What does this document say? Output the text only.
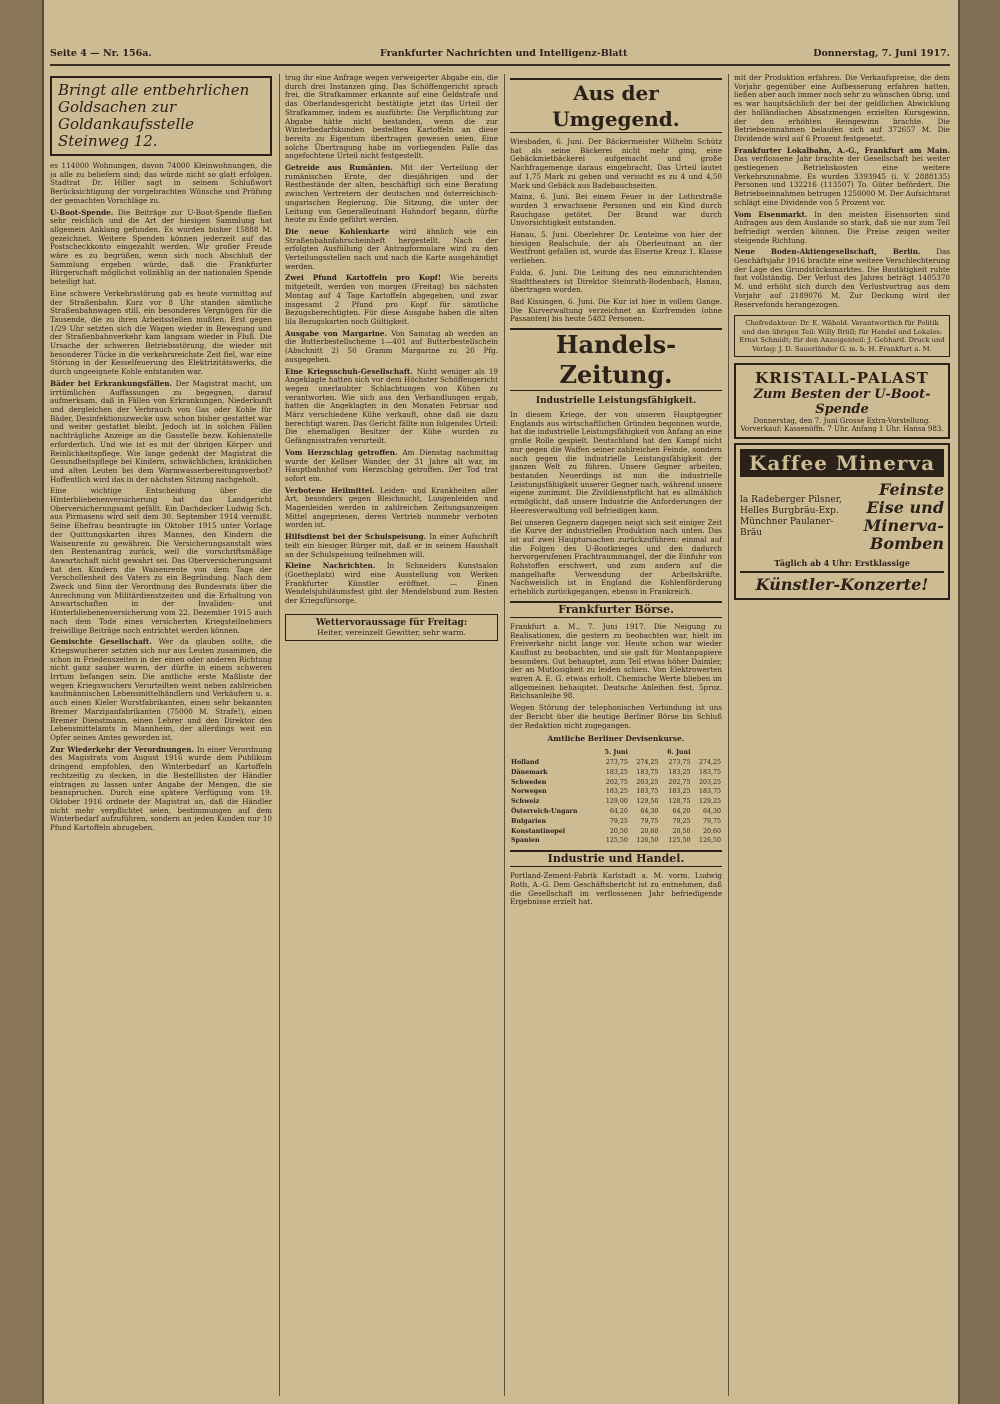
Seite 4 — Nr. 156a.	Frankfurter Nachrichten und Intelligenz-Blatt	Donnerstag, 7. Juni 1917.
Bringt alle entbehrlichen Goldsachen zur Goldankaufsstelle Steinweg 12.

es 114000 Wohnungen, davon 74000 Kleinwohnungen, die ja alle zu beliefern sind; das würde nicht so glatt erfolgen. Stadtrat Dr. Hiller sagt in seinem Schlußwort Berücksichtigung der vorgebrachten Wünsche und Prüfung der gemachten Vorschläge zu.

U-Boot-Spende. Die Beiträge zur U-Boot-Spende fließen sehr reichlich und die Art der hiesigen Sammlung hat allgemein Anklang gefunden. Es wurden bisher 15888 M. gezeichnet. Weitere Spenden können jederzeit auf das Postscheckkonto eingezahlt werden. Wir großer Freude wäre es zu begrüßen, wenn sich noch Abschluß der Sammlung ergeben würde, daß die Frankfurter Bürgerschaft möglichst vollzählig an der nationalen Spende beteiligt hat.

Eine schwere Verkehrsstörung gab es heute vormittag auf der Straßenbahn. Kurz vor 8 Uhr standen sämtliche Straßenbahnwagen still, ein besonderes Vergnügen für die Tausende, die zu ihren Arbeitsstellen mußten. Erst gegen 1/29 Uhr setzten sich die Wagen wieder in Bewegung und der Straßenbahnverkehr kam langsam wieder in Fluß. Die Ursache der schweren Betriebsstörung, die wieder mit besonderer Tücke in die verkehrsreichste Zeit fiel, war eine Störung in der Kesselfeuerung des Elektrizitätswerks, die durch ungeeignete Kohle entstanden war.

Bäder bei Erkrankungsfällen. Der Magistrat macht, um irrtümlichen Auffassungen zu begegnen, darauf aufmerksam, daß in Fällen von Erkrankungen, Niederkunft und dergleichen der Verbrauch von Gas oder Kohle für Bäder, Desinfektionszwecke usw. schon bisher gestattet war und weiter gestattet bleibt. Jedoch ist in solchen Fällen nachträgliche Anzeige an die Gasstelle bezw. Kohlenstelle erforderlich. Und wie ist es mit der übrigen Körper- und Reinlichkeitspflege. Wie lange gedenkt der Magistrat die Gesundheitspflege bei Kindern, schwächlichen, kränklichen und alten Leuten bei dem Warmwasserbereitungsverbot? Hoffentlich wird das in der nächsten Sitzung nachgeholt.

Eine wichtige Entscheidung über die Hinterbliebenenversicherung hat das Landgericht Oberversicherungsamt gefällt. Ein Dachdecker Ludwig Sch. aus Pirmasens wird seit dem 30. September 1914 vermißt. Seine Ehefrau beantragte im Oktober 1915 unter Vorlage der Quittungskarten ihres Mannes, den Kindern die Waisenrente zu gewähren. Die Versicherungsanstalt wies den Rentenantrag zurück, weil die vorschriftsmäßige Anwartschaft nicht gewahrt sei. Das Oberversicherungsamt hat den Kindern die Waisenrente von dem Tage der Verschollenheit des Vaters zu ein Begründung. Nach dem Zweck und Sinn der Verordnung des Bundesrats über die Anrechnung von Militärdienstzeiten und die Erhaltung von Anwartschaften in der Invaliden- und Hinterbliebenenversicherung vom 22. Dezember 1915 auch nach dem Tode eines versicherten Kriegsteilnehmers freiwillige Beiträge noch entrichtet werden können.

Gemischte Gesellschaft. Wer da glauben sollte, die Kriegswucherer setzten sich nur aus Leuten zusammen, die schon in Friedenszeiten in der einen oder anderen Richtung nicht ganz sauber waren, der dürfte in einem schweren Irrtum befangen sein. Die amtliche erste Maßliste der wegen Kriegswuchers Verurteilten weist neben zahlreichen kaufmännischen Lebensmittelhändlern und Verkäufern u. a. auch einen Kieler Wurstfabrikanten, einen sehr bekannten Bremer Marzipanfabrikanten (75000 M. Strafe!), einen Bremer Dienstmann, einen Lehrer und den Direktor des Lebensmittelamts in Mannheim, der allerdings weit ein Opfer seines Amtes geworden ist.

Zur Wiederkehr der Verordnungen. In einer Verordnung des Magistrats vom August 1916 wurde dem Publikum dringend empfohlen, den Winterbedarf an Kartoffeln rechtzeitig zu decken, in die Bestelllisten der Händler eintragen zu lassen unter Angabe der Mengen, die sie beanspruchen. Durch eine spätere Verfügung vom 19. Oktober 1916 ordnete der Magistrat an, daß die Händler nicht mehr verpflichtet seien, bestimmungen auf dem Winterbedarf aufzuführen, sondern an jeden Kunden nur 10 Pfund Kartoffeln abzugeben.

trug ihr eine Anfrage wegen verweigerter Abgabe ein, die durch drei Instanzen ging. Das Schöffengericht sprach frei, die Strafkammer erkannte auf eine Geldstrafe und das Oberlandesgericht bestätigte jetzt das Urteil der Strafkammer, indem es ausführte: Die Verpflichtung zur Abgabe hätte nicht bestanden, wenn die zur Winterbedarfskunden bestellten Kartoffeln an diese bereits zu Eigentum übertragen gewesen seien. Eine solche Übertragung habe im vorliegenden Falle das angefochtene Urteil nicht festgestellt.

Getreide aus Rumänien. Mit der Verteilung der rumänischen Ernte, der diesjährigen und der Restbestände der alten, beschäftigt sich eine Beratung zwischen Vertretern der deutschen und österreichisch-ungarischen Regierung. Die Sitzung, die unter der Leitung von Generalleutnant Hahndorf begann, dürfte heute zu Ende geführt werden.

Die neue Kohlenkarte wird ähnlich wie ein Straßenbahnfahrscheinheft hergestellt. Nach der erfolgten Ausfüllung der Antragformulare wird zu den Verteilungsstellen nach und nach die Karte ausgehändigt werden.

Zwei Pfund Kartoffeln pro Kopf! Wie bereits mitgeteilt, werden von morgen (Freitag) bis nächsten Montag auf 4 Tage Kartoffeln abgegeben, und zwar insgesamt 2 Pfund pro Kopf für sämtliche Bezugsberechtigten. Für diese Ausgabe haben die alten lila Bezugskarten noch Gültigkeit.

Ausgabe von Margarine. Von Samstag ab werden an die Butterbestellscheine 1—401 auf Butterbestellschein (Abschnitt 2) 50 Gramm Margarine zu 20 Pfg. ausgegeben.

Eine Kriegsschuh-Gesellschaft. Nicht weniger als 19 Angeklagte hatten sich vor dem Höchster Schöffengericht wegen unerlaubter Schlachtungen von Kühen zu verantworten. Wie sich aus den Verhandlungen ergab, hatten die Angeklagten in den Monaten Februar und März verschiedene Kühe verkauft, ohne daß sie dazu berechtigt waren. Das Gericht fällte nun folgendes Urteil: Die ehemaligen Besitzer der Kühe wurden zu Gefängnisstrafen verurteilt.

Vom Herzschlag getroffen. Am Dienstag nachmittag wurde der Kellner Wander, der 31 Jahre alt war, im Hauptbahnhof vom Herzschlag getroffen. Der Tod trat sofort ein.

Verbotene Heilmittel. Leiden- und Krankheiten aller Art, besonders gegen Bleichsucht, Lungenleiden und Magenleiden werden in zahlreichen Zeitungsanzeigen Mittel angepriesen, deren Vertrieb nunmehr verboten worden ist.

Hilfsdienst bei der Schulspeisung. In einer Aufschrift teilt ein hiesiger Bürger mit, daß er in seinem Haushalt an der Schulspeisung teilnehmen will.

Kleine Nachrichten. In Schneiders Kunstsalon (Goetheplatz) wird eine Ausstellung von Werken Frankfurter Künstler eröffnet. — Einen Wendelsjubiläumsfest gibt der Mendelsbund zum Besten der Kriegsfürsorge.

Wettervoraussage für Freitag:
Heiter, vereinzelt Gewitter, sehr warm.
Aus der Umgegend.

Wiesbaden, 6. Juni. Der Bäckermeister Wilhelm Schütz hat als seine Bäckerei nicht mehr ging, eine Gebäckmietbäckerei aufgemacht und große Nachfragemenge daraus eingebracht. Das Urteil lautet auf 1,75 Mark zu geben und versucht es zu 4 und 4,50 Mark und Gebäck aus Badebauchseiten.

Mainz, 6. Juni. Bei einem Feuer in der Lothrstraße wurden 3 erwachsene Personen und ein Kind durch Rauchgase getötet. Der Brand war durch Unvorsichtigkeit entstanden.

Hanau, 5. Juni. Oberlehrer Dr. Lentelme von hier der hiesigen Realschule, der als Oberleutnant an der Westfront gefallen ist, wurde das Eiserne Kreuz 1. Klasse verliehen.

Fulda, 6. Juni. Die Leitung des neu einzurichtenden Stadttheaters ist Direktor Steinrath-Bodenbach, Hanau, übertragen worden.

Bad Kissingen, 6. Juni. Die Kur ist hier in vollem Gange. Die Kurverwaltung verzeichnet an Kurfremden (ohne Passanten) bis heute 5482 Personen.

Handels-Zeitung.
Industrielle Leistungsfähigkeit.

In diesem Kriege, der von unseren Hauptgegner Englands aus wirtschaftlichen Gründen begonnen wurde, hat die industrielle Leistungsfähigkeit von Anfang an eine große Rolle gespielt. Deutschland hat den Kampf nicht nur gegen die Waffen seiner zahlreichen Feinde, sondern auch gegen die industrielle Leistungsfähigkeit der ganzen Welt zu führen. Unsere Gegner arbeiten, bestanden Neuerdings ist nun die industrielle Leistungsfähigkeit unserer Gegner nach, während unsere eigene zunimmt. Die Zivildienstpflicht hat es allmählich ermöglicht, daß unsere Industrie die Anforderungen der Heeresverwaltung voll befriedigen kann.

Bei unseren Gegnern dagegen neigt sich seit einiger Zeit die Kurve der industriellen Produktion nach unten. Das ist auf zwei Hauptursachen zurückzuführen: einmal auf die Folgen des U-Bootkrieges und den dadurch hervorgerufenen Frachtraummangel, der die Einfuhr von Rohstoffen erschwert, und zum andern auf die mangelhafte Verwendung der Arbeitskräfte. Nachweislich ist in England die Kohlenförderung erheblich zurückgegangen, ebenso in Frankreich.

Frankfurter Börse.

Frankfurt a. M., 7. Juni 1917. Die Neigung zu Realisationen, die gestern zu beobachten war, hielt im Freiverkehr nicht lange vor. Heute schon war wieder Kauflust zu beobachten, und sie galt für Montanpapiere besonders. Gut behauptet, zum Teil etwas höher Daimler, der an Mutlosigkeit zu leiden schien. Von Elektrowerten waren A. E. G. etwas erholt. Chemische Werte blieben im allgemeinen behauptet. Deutsche Anleihen fest, 5proz. Reichsanleihe 98.

Wegen Störung der telephonischen Verbindung ist uns der Bericht über die heutige Berliner Börse bis Schluß der Redaktion nicht zugegangen.

Amtliche Berliner Devisenkurse.
	5. Juni		6. Juni	
Holland	273,75	274,25	273,75	274,25
Dänemark	183,25	183,75	183,25	183,75
Schweden	202,75	203,25	202,75	203,25
Norwegen	183,25	183,75	183,25	183,75
Schweiz	129,00	129,50	128,75	129,25
Österreich-Ungarn	64,20	64,30	64,20	64,30
Bulgarien	79,25	79,75	79,25	79,75
Konstantinopel	20,50	20,60	20,50	20,60
Spanien	125,50	126,50	125,50	126,50
Industrie und Handel.

Portland-Zement-Fabrik Karlstadt a. M. vorm. Ludwig Roth, A.-G. Dem Geschäftsbericht ist zu entnehmen, daß die Gesellschaft im verflossenen Jahr befriedigende Ergebnisse erzielt hat.

mit der Produktion erfahren. Die Verkaufspreise, die dem Vorjahr gegenüber eine Aufbesserung erfahren hatten, ließen aber auch immer noch sehr zu wünschen übrig, und es war hauptsächlich der bei der geldlichen Abwicklung der holländischen Absatzmengen erzielten Kursgewinn, der den erhöhten Reingewinn brachte. Die Betriebseinnahmen belaufen sich auf 372657 M. Die Dividende wird auf 6 Prozent festgesetzt.

Frankfurter Lokalbahn, A.-G., Frankfurt am Main. Das verflossene Jahr brachte der Gesellschaft bei weiter gestiegenen Betriebskosten eine weitere Verkehrszunahme. Es wurden 3393945 (i. V. 2888135) Personen und 132216 (113507) To. Güter befördert. Die Betriebseinnahmen betrugen 1250000 M. Der Aufsichtsrat schlägt eine Dividende von 5 Prozent vor.

Vom Eisenmarkt. In den meisten Eisensorten sind Anfragen aus dem Auslande so stark, daß sie nur zum Teil befriedigt werden können. Die Preise zeigen weiter steigende Richtung.

Neue Boden-Aktiengesellschaft, Berlin. Das Geschäftsjahr 1916 brachte eine weitere Verschlechterung der Lage des Grundstücksmarktes. Die Bautätigkeit ruhte fast vollständig. Der Verlust des Jahres beträgt 1405370 M. und erhöht sich durch den Verlustvortrag aus dem Vorjahr auf 2189076 M. Zur Deckung wird der Reservefonds herangezogen.

Chefredakteur: Dr. E. Wähold. Verantwortlich für Politik und den übrigen Teil: Willy Brüll; für Handel und Lokales: Ernst Schmidt; für den Anzeigenteil: J. Gebhard. Druck und Verlag: J. D. Sauerländer G. m. b. H. Frankfurt a. M.
KRISTALL-PALAST
Zum Besten der U-Boot-Spende
Donnerstag, den 7. Juni Grosse Extra-Vorstellung.
Vorverkauf: Kassenöffn. 7 Uhr. Anfang 1 Uhr. Hansa 983.
Kaffee Minerva
la Radeberger Pilsner, Helles Burgbräu-Exp. Münchner Paulaner-Bräu
Feinste Eise und Minerva-Bomben
Täglich ab 4 Uhr: Erstklassige
Künstler-Konzerte!
